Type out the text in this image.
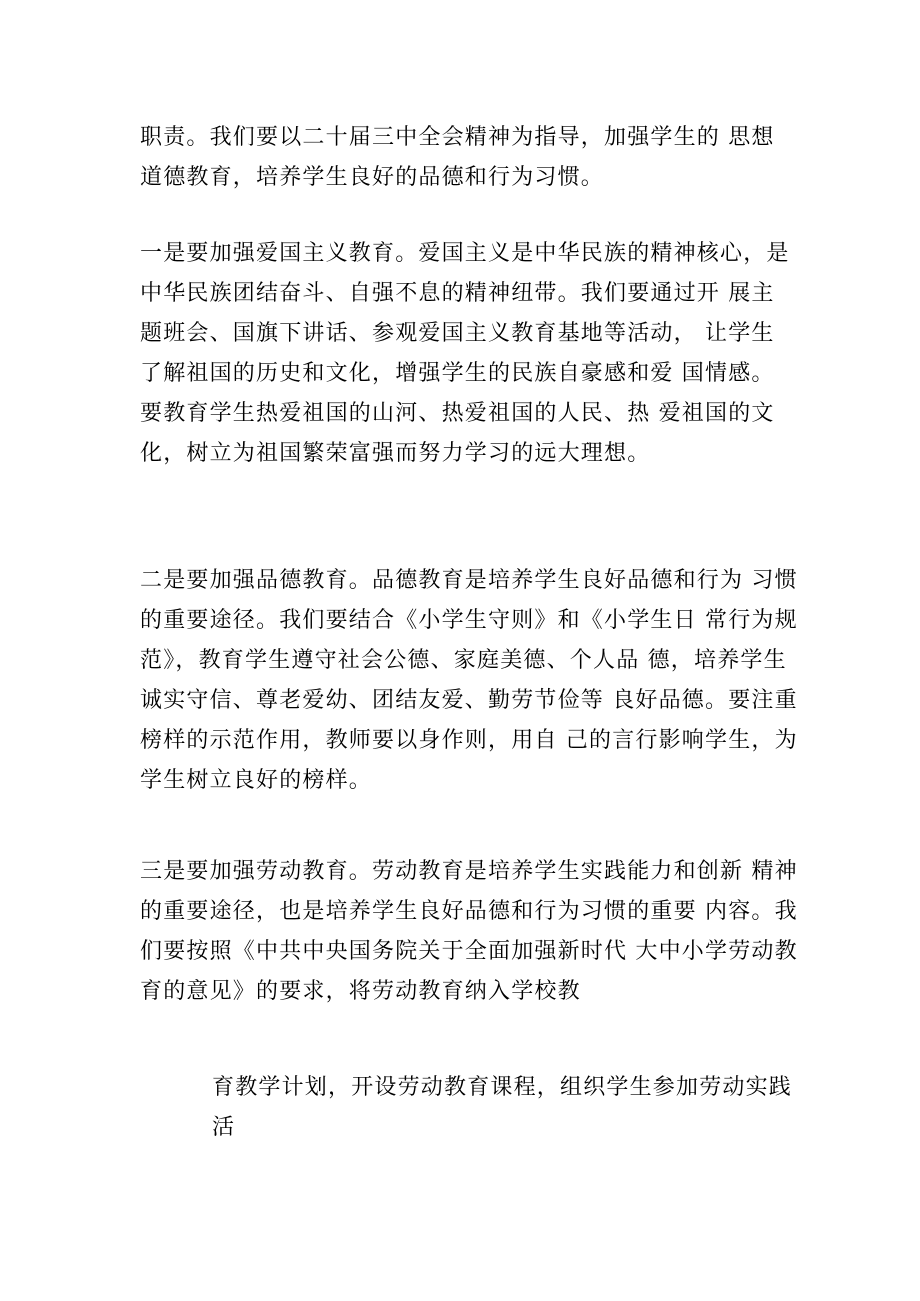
职责。我们要以二十届三中全会精神为指导，加强学生的 思想
道德教育，培养学生良好的品德和行为习惯。
一是要加强爱国主义教育。爱国主义是中华民族的精神核心，是
中华民族团结奋斗、自强不息的精神纽带。我们要通过开 展主
题班会、国旗下讲话、参观爱国主义教育基地等活动， 让学生
了解祖国的历史和文化，增强学生的民族自豪感和爱 国情感。
要教育学生热爱祖国的山河、热爱祖国的人民、热 爱祖国的文
化，树立为祖国繁荣富强而努力学习的远大理想。
二是要加强品德教育。品德教育是培养学生良好品德和行为 习惯
的重要途径。我们要结合《小学生守则》和《小学生日 常行为规
范》，教育学生遵守社会公德、家庭美德、个人品 德，培养学生
诚实守信、尊老爱幼、团结友爱、勤劳节俭等 良好品德。要注重
榜样的示范作用，教师要以身作则，用自 己的言行影响学生，为
学生树立良好的榜样。
三是要加强劳动教育。劳动教育是培养学生实践能力和创新 精神
的重要途径，也是培养学生良好品德和行为习惯的重要 内容。我
们要按照《中共中央国务院关于全面加强新时代 大中小学劳动教
育的意见》的要求，将劳动教育纳入学校教
育教学计划，开设劳动教育课程，组织学生参加劳动实践
活
